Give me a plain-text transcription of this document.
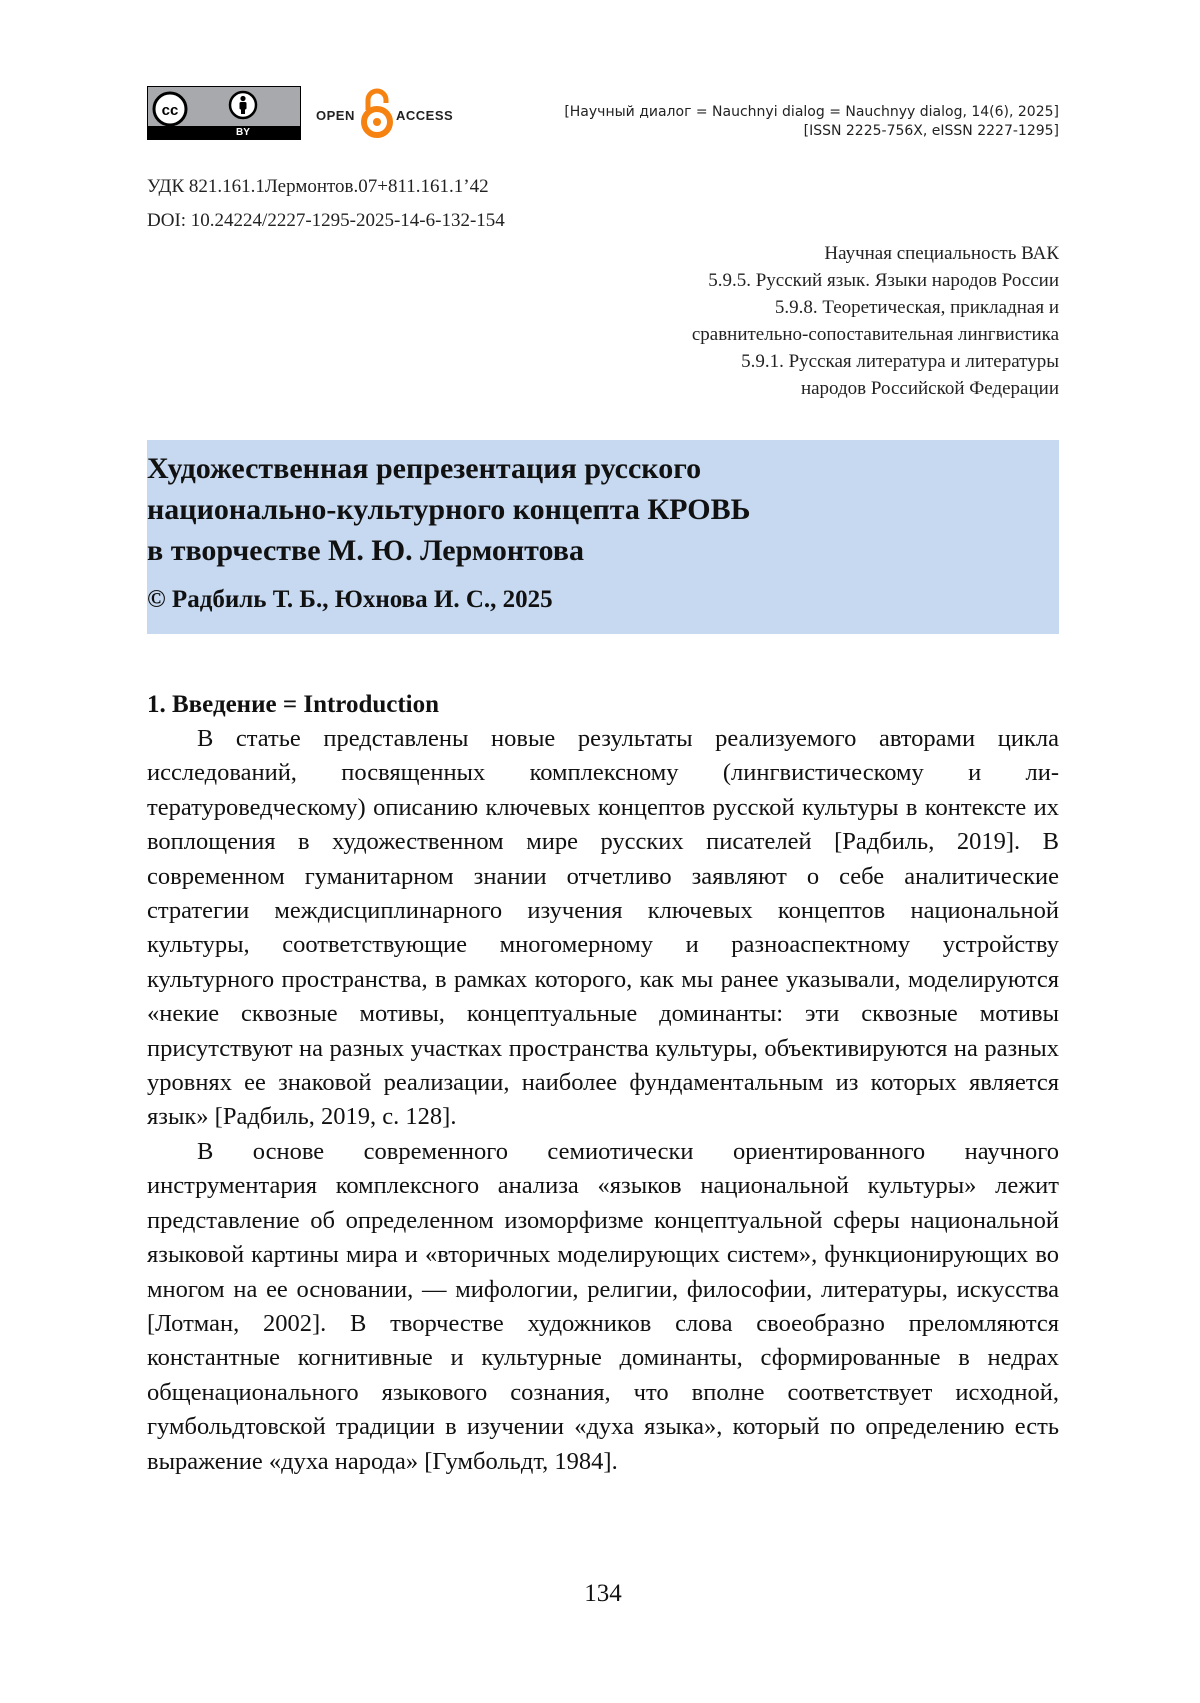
cc
BY
OPEN	ACCESS	[Научный диалог = Nauchnyi dialog = Nauchnyy dialog, 14(6), 2025]
[ISSN 2225-756X, eISSN 2227-1295]
УДК 821.161.1Лермонтов.07+811.161.1’42
DOI: 10.24224/2227-1295-2025-14-6-132-154
Научная специальность ВАК
5.9.5. Русский язык. Языки народов России
5.9.8. Теоретическая, прикладная и
сравнительно-сопоставительная лингвистика
5.9.1. Русская литература и литературы
народов Российской Федерации
Художественная репрезентация русского
национально-культурного концепта КРОВЬ
в творчестве М. Ю. Лермонтова
© Радбиль Т. Б., Юхнова И. С., 2025
1. Введение = Introduction

В статье представлены новые результаты реализуемого авторами цикла исследований, посвященных комплексному (лингвистическому и литературоведческому) описанию ключевых концептов русской культуры в контексте их воплощения в художественном мире русских писателей [Радбиль, 2019]. В современном гуманитарном знании отчетливо заявляют о себе аналитические стратегии междисциплинарного изучения ключевых концептов национальной культуры, соответствующие многомерному и разноаспектному устройству культурного пространства, в рамках которого, как мы ранее указывали, моделируются «некие сквозные мотивы, концептуальные доминанты: эти сквозные мотивы присутствуют на разных участках пространства культуры, объективируются на разных уровнях ее знаковой реализации, наиболее фундаментальным из которых является язык» [Радбиль, 2019, с. 128].

В основе современного семиотически ориентированного научного инструментария комплексного анализа «языков национальной культуры» лежит представление об определенном изоморфизме концептуальной сферы национальной языковой картины мира и «вторичных моделирующих систем», функционирующих во многом на ее основании, — мифологии, религии, философии, литературы, искусства [Лотман, 2002]. В творчестве художников слова своеобразно преломляются константные когнитивные и культурные доминанты, сформированные в недрах общенационального языкового сознания, что вполне соответствует исходной, гумбольдтовской традиции в изучении «духа языка», который по определению есть выражение «духа народа» [Гумбольдт, 1984].

134
